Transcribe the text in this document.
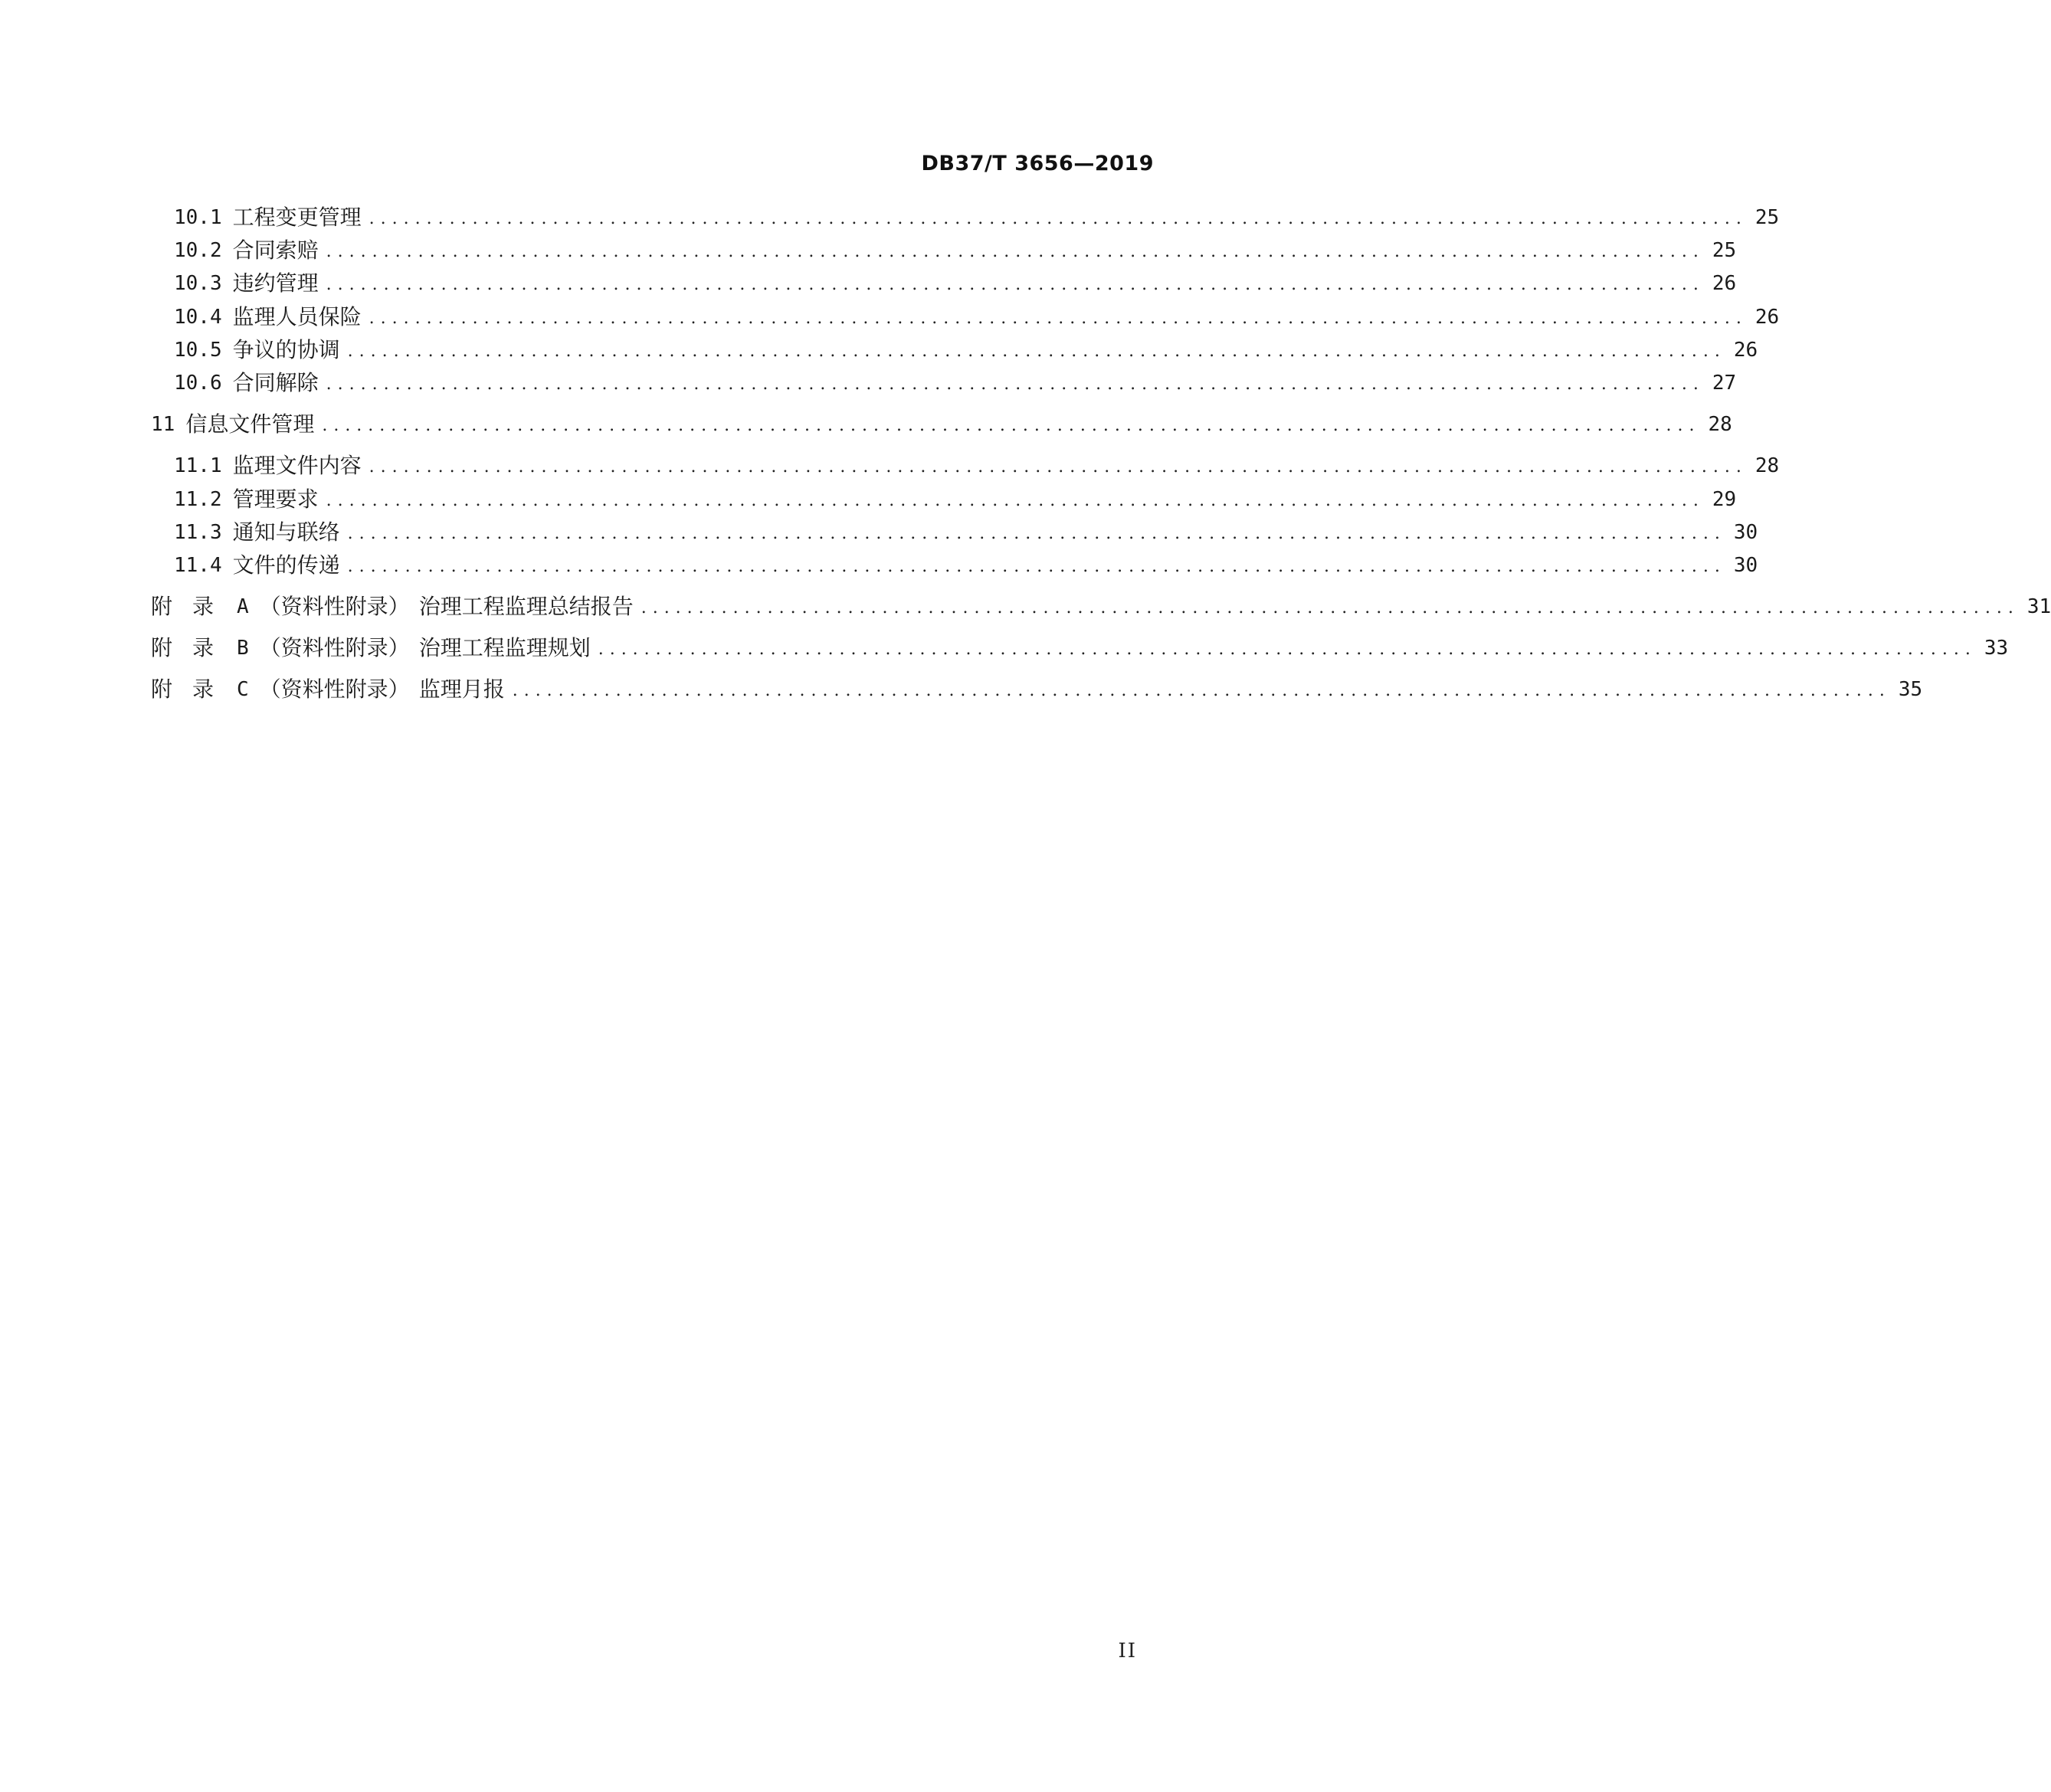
DB37/T 3656—2019
10.1 工程变更管理 ........................................................................................................................ 25
10.2 合同索赔 ........................................................................................................................ 25
10.3 违约管理 ........................................................................................................................ 26
10.4 监理人员保险 ........................................................................................................................ 26
10.5 争议的协调 ........................................................................................................................ 26
10.6 合同解除 ........................................................................................................................ 27
11 信息文件管理 ........................................................................................................................ 28
11.1 监理文件内容 ........................................................................................................................ 28
11.2 管理要求 ........................................................................................................................ 29
11.3 通知与联络 ........................................................................................................................ 30
11.4 文件的传递 ........................................................................................................................ 30
附录 A （资料性附录） 治理工程监理总结报告 ........................................................................................................................ 31
附录 B （资料性附录） 治理工程监理规划 ........................................................................................................................ 33
附录 C （资料性附录） 监理月报 ........................................................................................................................ 35
II
